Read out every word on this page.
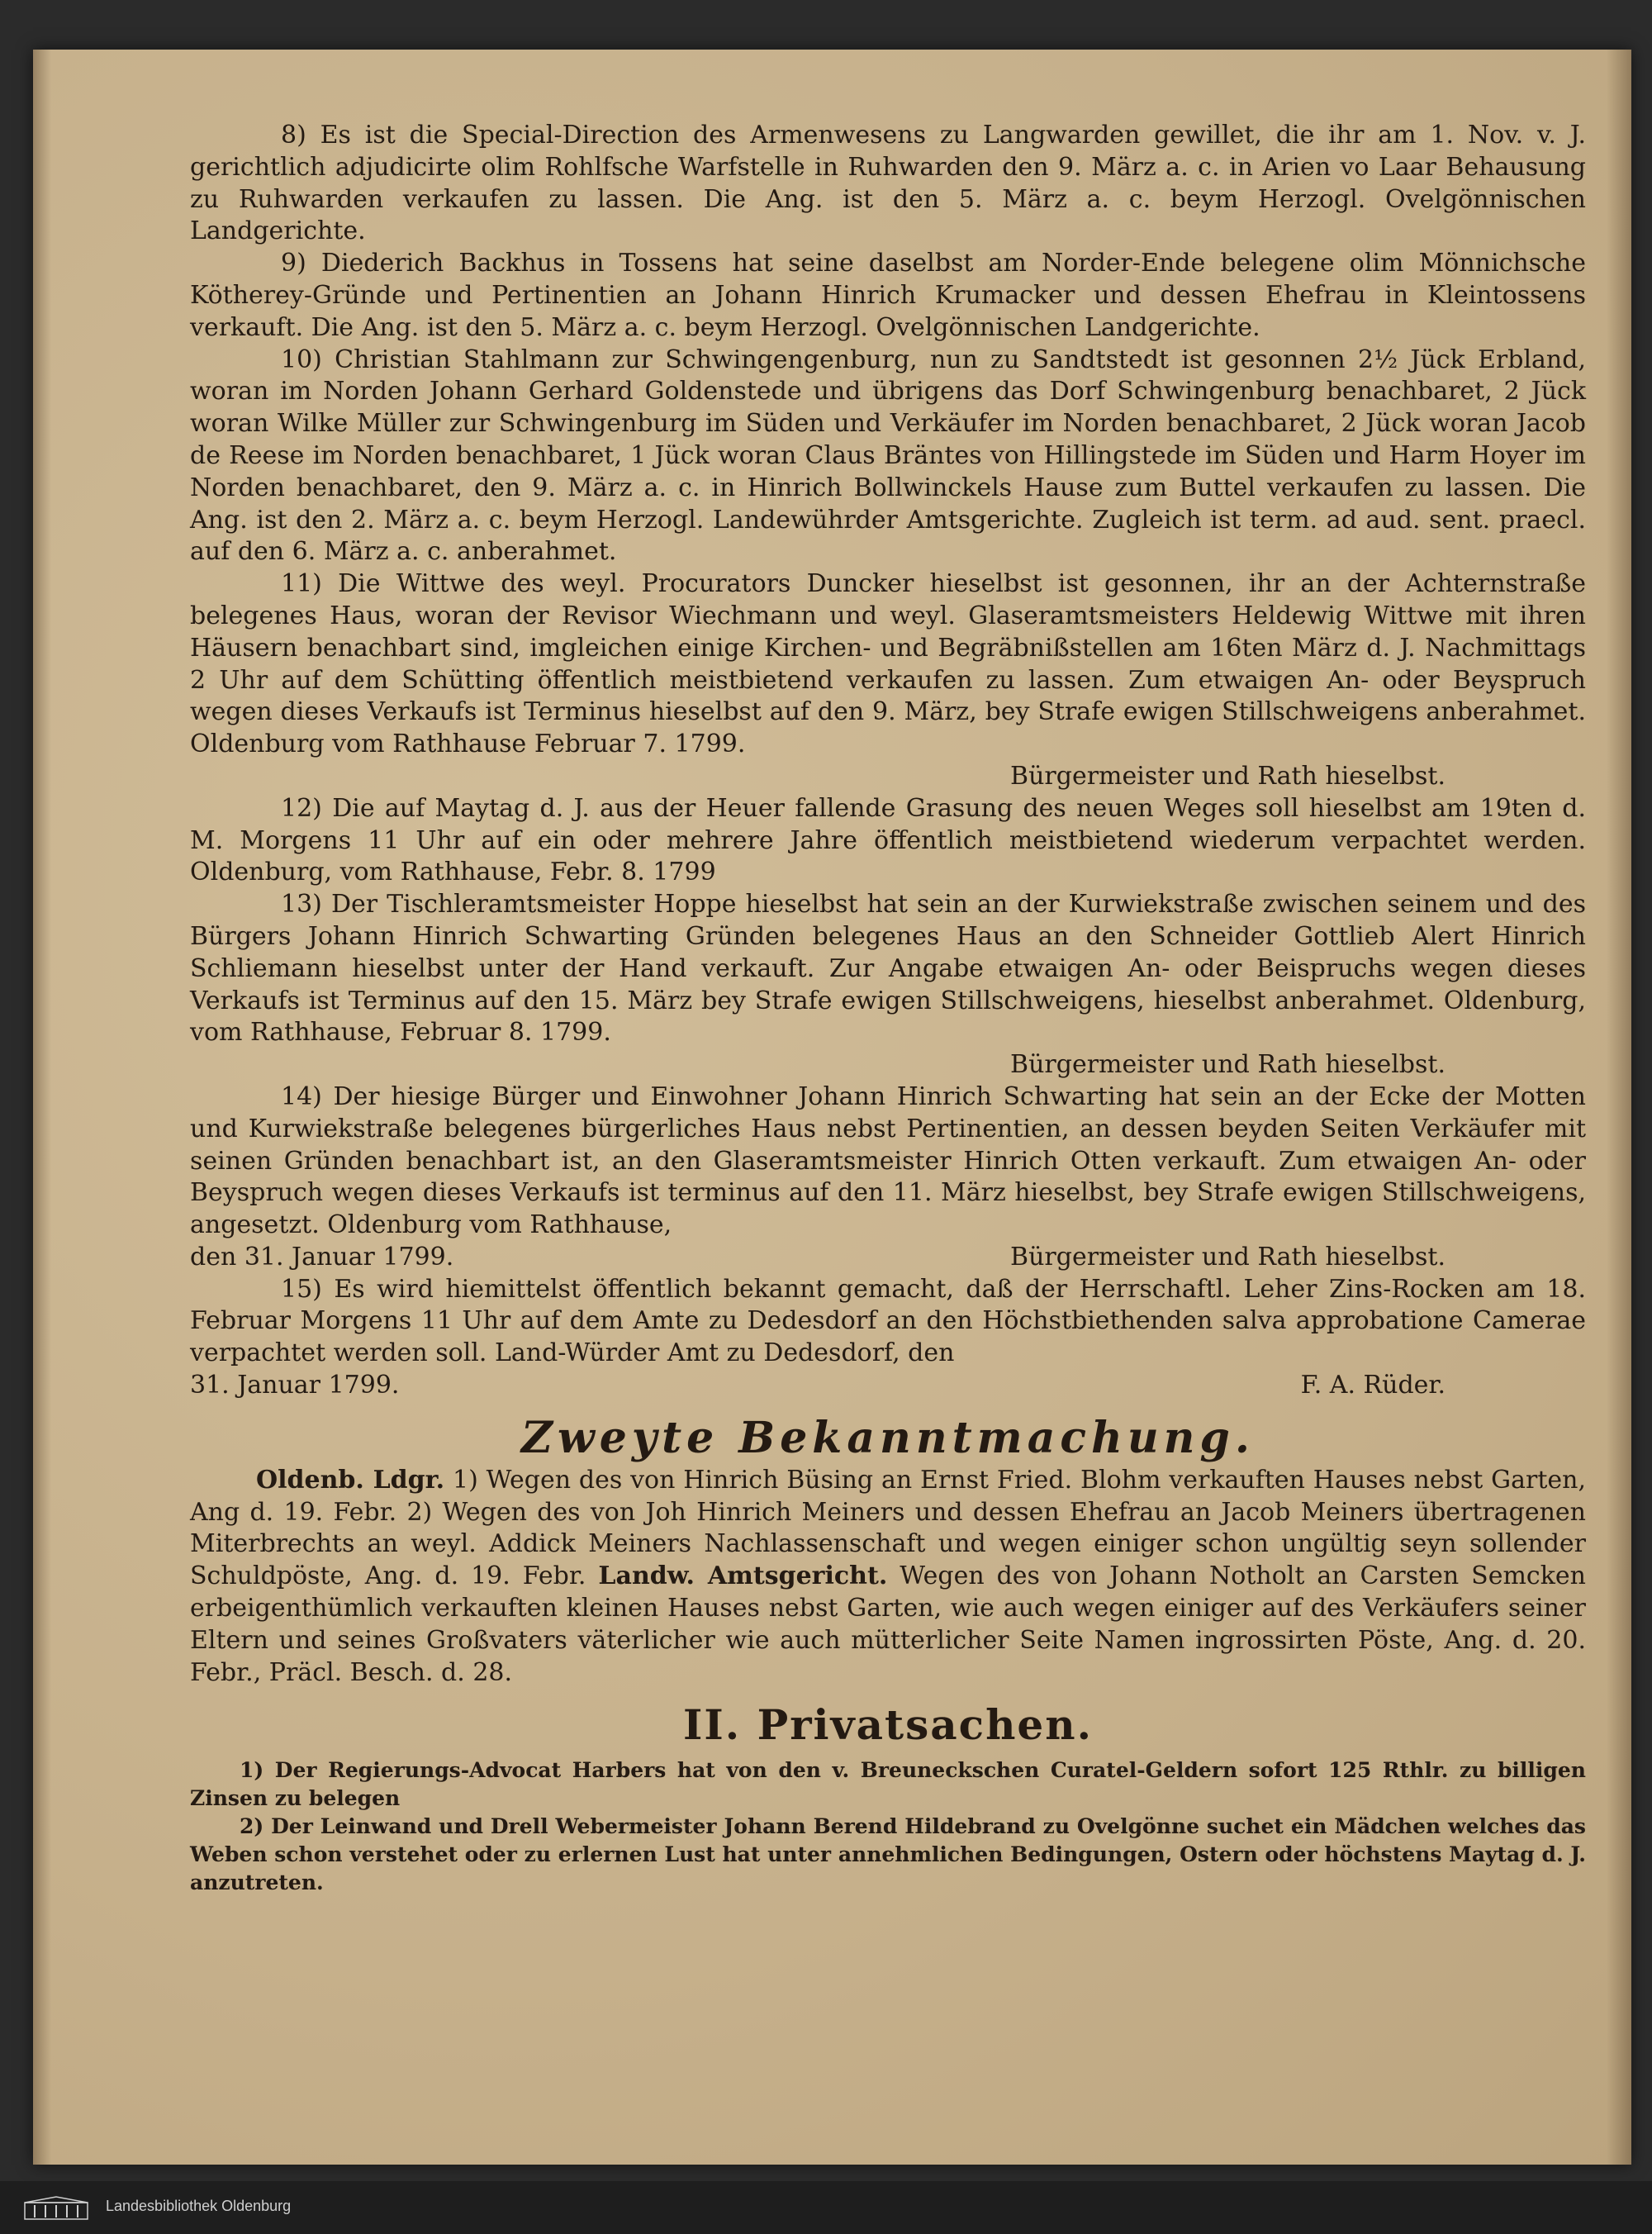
8) Es ist die Special-Direction des Armenwesens zu Langwarden gewillet, die ihr am 1. Nov. v. J. gerichtlich adjudicirte olim Rohlfsche Warfstelle in Ruhwarden den 9. März a. c. in Arien vo Laar Behausung zu Ruhwarden verkaufen zu lassen. Die Ang. ist den 5. März a. c. beym Herzogl. Ovelgönnischen Landgerichte.

9) Diederich Backhus in Tossens hat seine daselbst am Norder-Ende belegene olim Mönnichsche Kötherey-Gründe und Pertinentien an Johann Hinrich Krumacker und dessen Ehefrau in Kleintossens verkauft. Die Ang. ist den 5. März a. c. beym Herzogl. Ovelgönnischen Landgerichte.

10) Christian Stahlmann zur Schwingengenburg, nun zu Sandtstedt ist gesonnen 2½ Jück Erbland, woran im Norden Johann Gerhard Goldenstede und übrigens das Dorf Schwingenburg benachbaret, 2 Jück woran Wilke Müller zur Schwingenburg im Süden und Verkäufer im Norden benachbaret, 2 Jück woran Jacob de Reese im Norden benachbaret, 1 Jück woran Claus Bräntes von Hillingstede im Süden und Harm Hoyer im Norden benachbaret, den 9. März a. c. in Hinrich Bollwinckels Hause zum Buttel verkaufen zu lassen. Die Ang. ist den 2. März a. c. beym Herzogl. Landewührder Amtsgerichte. Zugleich ist term. ad aud. sent. praecl. auf den 6. März a. c. anberahmet.

11) Die Wittwe des weyl. Procurators Duncker hieselbst ist gesonnen, ihr an der Achternstraße belegenes Haus, woran der Revisor Wiechmann und weyl. Glaseramtsmeisters Heldewig Wittwe mit ihren Häusern benachbart sind, imgleichen einige Kirchen- und Begräbnißstellen am 16ten März d. J. Nachmittags 2 Uhr auf dem Schütting öffentlich meistbietend verkaufen zu lassen. Zum etwaigen An- oder Beyspruch wegen dieses Verkaufs ist Terminus hieselbst auf den 9. März, bey Strafe ewigen Stillschweigens anberahmet. Oldenburg vom Rathhause Februar 7. 1799.

Bürgermeister und Rath hieselbst.

12) Die auf Maytag d. J. aus der Heuer fallende Grasung des neuen Weges soll hieselbst am 19ten d. M. Morgens 11 Uhr auf ein oder mehrere Jahre öffentlich meistbietend wiederum verpachtet werden. Oldenburg, vom Rathhause, Febr. 8. 1799

13) Der Tischleramtsmeister Hoppe hieselbst hat sein an der Kurwiekstraße zwischen seinem und des Bürgers Johann Hinrich Schwarting Gründen belegenes Haus an den Schneider Gottlieb Alert Hinrich Schliemann hieselbst unter der Hand verkauft. Zur Angabe etwaigen An- oder Beispruchs wegen dieses Verkaufs ist Terminus auf den 15. März bey Strafe ewigen Stillschweigens, hieselbst anberahmet. Oldenburg, vom Rathhause, Februar 8. 1799.

Bürgermeister und Rath hieselbst.

14) Der hiesige Bürger und Einwohner Johann Hinrich Schwarting hat sein an der Ecke der Motten und Kurwiekstraße belegenes bürgerliches Haus nebst Pertinentien, an dessen beyden Seiten Verkäufer mit seinen Gründen benachbart ist, an den Glaseramtsmeister Hinrich Otten verkauft. Zum etwaigen An- oder Beyspruch wegen dieses Verkaufs ist terminus auf den 11. März hieselbst, bey Strafe ewigen Stillschweigens, angesetzt. Oldenburg vom Rathhause,

den 31. Januar 1799.	Bürgermeister und Rath hieselbst.

15) Es wird hiemittelst öffentlich bekannt gemacht, daß der Herrschaftl. Leher Zins-Rocken am 18. Februar Morgens 11 Uhr auf dem Amte zu Dedesdorf an den Höchstbiethenden salva approbatione Camerae verpachtet werden soll. Land-Würder Amt zu Dedesdorf, den

31. Januar 1799.	F. A. Rüder.
Zweyte Bekanntmachung.

Oldenb. Ldgr. 1) Wegen des von Hinrich Büsing an Ernst Fried. Blohm verkauften Hauses nebst Garten, Ang d. 19. Febr. 2) Wegen des von Joh Hinrich Meiners und dessen Ehefrau an Jacob Meiners übertragenen Miterbrechts an weyl. Addick Meiners Nachlassenschaft und wegen einiger schon ungültig seyn sollender Schuldpöste, Ang. d. 19. Febr. Landw. Amtsgericht. Wegen des von Johann Notholt an Carsten Semcken erbeigenthümlich verkauften kleinen Hauses nebst Garten, wie auch wegen einiger auf des Verkäufers seiner Eltern und seines Großvaters väterlicher wie auch mütterlicher Seite Namen ingrossirten Pöste, Ang. d. 20. Febr., Präcl. Besch. d. 28.

II. Privatsachen.

1) Der Regierungs-Advocat Harbers hat von den v. Breuneckschen Curatel-Geldern sofort 125 Rthlr. zu billigen Zinsen zu belegen

2) Der Leinwand und Drell Webermeister Johann Berend Hildebrand zu Ovelgönne suchet ein Mädchen welches das Weben schon verstehet oder zu erlernen Lust hat unter annehmlichen Bedingungen, Ostern oder höchstens Maytag d. J. anzutreten.

Landesbibliothek Oldenburg
